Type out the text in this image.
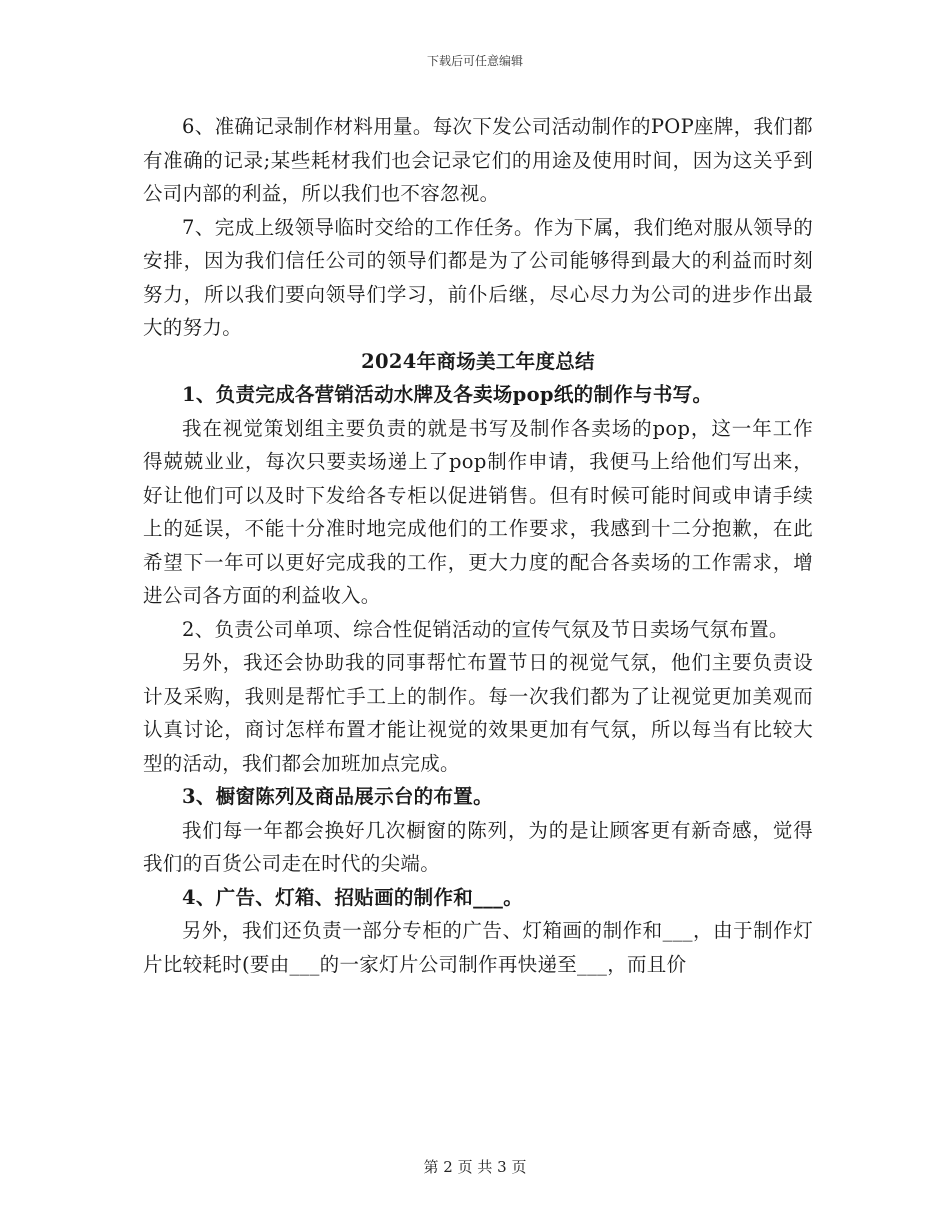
下载后可任意编辑

6、准确记录制作材料用量。每次下发公司活动制作的POP座牌，我们都有准确的记录;某些耗材我们也会记录它们的用途及使用时间，因为这关乎到公司内部的利益，所以我们也不容忽视。

7、完成上级领导临时交给的工作任务。作为下属，我们绝对服从领导的安排，因为我们信任公司的领导们都是为了公司能够得到最大的利益而时刻努力，所以我们要向领导们学习，前仆后继，尽心尽力为公司的进步作出最大的努力。

2024年商场美工年度总结

1、负责完成各营销活动水牌及各卖场pop纸的制作与书写。

我在视觉策划组主要负责的就是书写及制作各卖场的pop，这一年工作得兢兢业业，每次只要卖场递上了pop制作申请，我便马上给他们写出来，好让他们可以及时下发给各专柜以促进销售。但有时候可能时间或申请手续上的延误，不能十分准时地完成他们的工作要求，我感到十二分抱歉，在此希望下一年可以更好完成我的工作，更大力度的配合各卖场的工作需求，增进公司各方面的利益收入。

2、负责公司单项、综合性促销活动的宣传气氛及节日卖场气氛布置。

另外，我还会协助我的同事帮忙布置节日的视觉气氛，他们主要负责设计及采购，我则是帮忙手工上的制作。每一次我们都为了让视觉更加美观而认真讨论，商讨怎样布置才能让视觉的效果更加有气氛，所以每当有比较大型的活动，我们都会加班加点完成。

3、橱窗陈列及商品展示台的布置。

我们每一年都会换好几次橱窗的陈列，为的是让顾客更有新奇感，觉得我们的百货公司走在时代的尖端。

4、广告、灯箱、招贴画的制作和___。

另外，我们还负责一部分专柜的广告、灯箱画的制作和___，由于制作灯片比较耗时(要由___的一家灯片公司制作再快递至___，而且价

第 2 页 共 3 页
